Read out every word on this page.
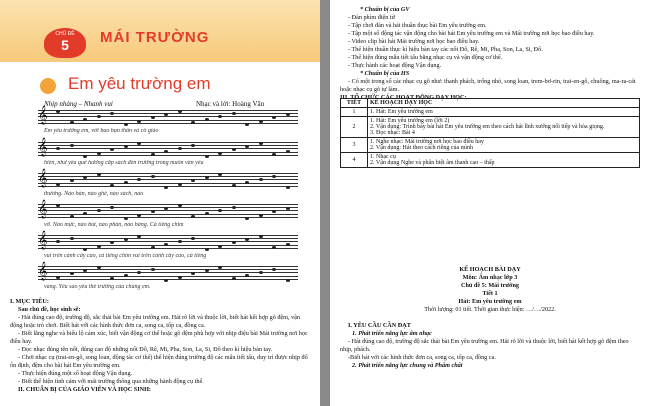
CHỦ ĐỀ
5	MÁI TRƯỜNG
Em yêu trường em
Nhịp nhàng – Nhanh vui	Nhạc và lời: Hoàng Vân
𝄞
Em yêu trường em, với bao bạn thân và cô giáo
𝄞
hiền, như yêu quê hương cắp sách đến trường trong muôn vần yêu
𝄞
thương. Nào bàn, nào ghế, nào sách, nào
𝄞
vở. Nào mực, nào bút, nào phấn, nào bảng. Cả tiếng chim
𝄞
vui trên cành cây cao, cả tiếng chim vui trên cành cây cao, cả tiếng
𝄞
vàng. Yêu sao yêu thế trường của chúng em.
I. MỤC TIÊU:
Sau chủ đề, học sinh sẽ:
- Hát đúng cao độ, trường độ, sắc thái bài Em yêu trường em. Hát rõ lời và thuộc lời, biết hát kết hợp gõ đệm, vận động hoặc trò chơi. Biết hát với các hình thức đơn ca, song ca, tốp ca, đồng ca.
- Biết lắng nghe và biểu lộ cảm xúc, biết vận động cơ thể hoặc gõ đệm phù hợp với nhịp điệu bài Mái trường nơi học điều hay.
- Đọc nhạc đúng tên nốt, đúng cao độ những nốt Đô, Rê, Mi, Pha, Son, La, Si, Đô theo kí hiệu bàn tay.
- Chơi nhạc cụ (trai-en-gô, song loan, động tác cơ thể) thể hiện đúng trường độ các mẫu tiết tấu, duy trì được nhịp đổ ổn định, đệm cho bài hát Em yêu trường em.
- Thực hiện đúng một số hoạt động Vận dụng.
- Biết thể hiện tình cảm với mái trường thông qua những hành động cụ thể.
II. CHUẨN BỊ CỦA GIÁO VIÊN VÀ HỌC SINH:
* Chuẩn bị của GV
- Đàn phím điện tử
- Tập chơi đàn và hát thuần thục bài Em yêu trường em.
- Tập một số động tác vận động cho bài hát Em yêu trường em và Mái trường nơi học bao điều hay.
- Video clip bài hát Mái trường nơi học bao điều hay.
- Thể hiện thuần thục kí hiệu bàn tay các nốt Đô, Rê, Mi, Pha, Son, La, Si, Đô.
- Thể hiện đúng mẫu tiết tấu bằng nhạc cụ và vận động cơ thể.
- Thực hành các hoạt động Vận dụng.
* Chuẩn bị của HS
- Có một trong số các nhạc cụ gõ như: thanh phách, trống nhỏ, song loan, trem-bơ-rin, trai-en-gô, chuông, ma-ra-cát hoặc nhạc cụ gõ tự làm.
III. TỔ CHỨC CÁC HOẠT ĐỘNG DẠY HỌC:
TIẾT	KẾ HOẠCH DẠY HỌC
1	1. Hát: Em yêu trường em

2	1. Hát: Em yêu trường em (lời 2)
2. Vận dụng: Trình bày bài hát Em yêu trường em theo cách hát lĩnh xướng nối tiếp và hòa giọng.
3. Đọc nhạc: Bài 4

3	1. Nghe nhạc: Mái trường nơi học bao điều hay
2. Vận dụng: Hát theo cách riêng của mình

4	1. Nhạc cụ
2. Vận dụng Nghe và phân biệt âm thanh cao – thấp
KẾ HOẠCH BÀI DẠY
Môn: Âm nhạc lớp 3
Chủ đề 5: Mái trường
Tiết 1
Hát: Em yêu trường em
Thời lượng: 01 tiết. Thời gian thực hiện: …/…/2022.
I. YÊU CẦU CẦN ĐẠT
1. Phát triển năng lực âm nhạc
- Hát đúng cao độ, trường độ sắc thái bài Em yêu trường em. Hát rõ lời và thuộc lời, biết hát kết hợp gõ đệm theo nhịp, phách.
-Biết hát với các hình thức đơn ca, song ca, tốp ca, đồng ca.
2. Phát triển năng lực chung và Phẩm chất
